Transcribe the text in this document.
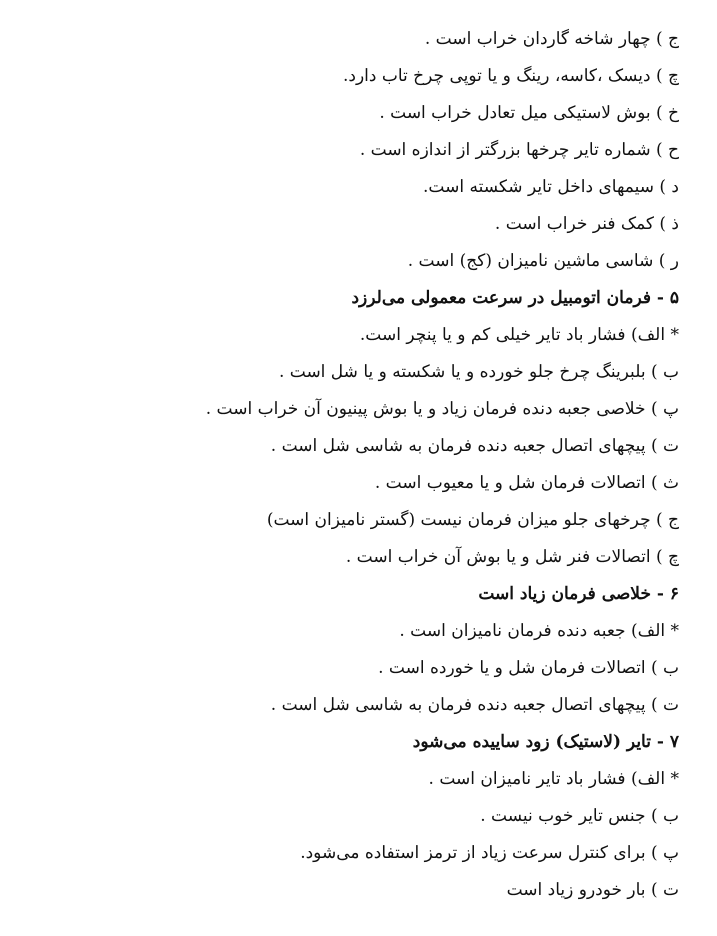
ج ) چهار شاخه گاردان خراب است .
چ ) دیسک ،کاسه، رینگ و یا توپی چرخ تاب دارد.
خ ) بوش لاستیکی میل تعادل خراب است .
ح ) شماره تایر چرخها بزرگتر از اندازه است .
د ) سیمهای داخل تایر شکسته است.
ذ ) کمک فنر خراب است .
ر ) شاسی ماشین نامیزان (کج) است .
۵ - فرمان اتومبیل در سرعت معمولی می‌لرزد
* الف) فشار باد تایر خیلی کم و یا پنچر است.
ب ) بلبرینگ چرخ جلو خورده و یا شکسته و یا شل است .
پ ) خلاصی جعبه دنده فرمان زیاد و یا بوش پینیون آن خراب است .
ت ) پیچهای اتصال جعبه دنده فرمان به شاسی شل است .
ث ) اتصالات فرمان شل و یا معیوب است .
ج ) چرخهای جلو میزان فرمان نیست (گستر نامیزان است)
چ ) اتصالات فنر شل و یا بوش آن خراب است .
۶ - خلاصی فرمان زیاد است
* الف) جعبه دنده فرمان نامیزان است .
ب ) اتصالات فرمان شل و یا خورده است .
ت ) پیچهای اتصال جعبه دنده فرمان به شاسی شل است .
۷ - تایر (لاستیک) زود ساییده می‌شود
* الف) فشار باد تایر نامیزان است .
ب ) جنس تایر خوب نیست .
پ ) برای کنترل سرعت زیاد از ترمز استفاده می‌شود.
ت ) بار خودرو زیاد است
